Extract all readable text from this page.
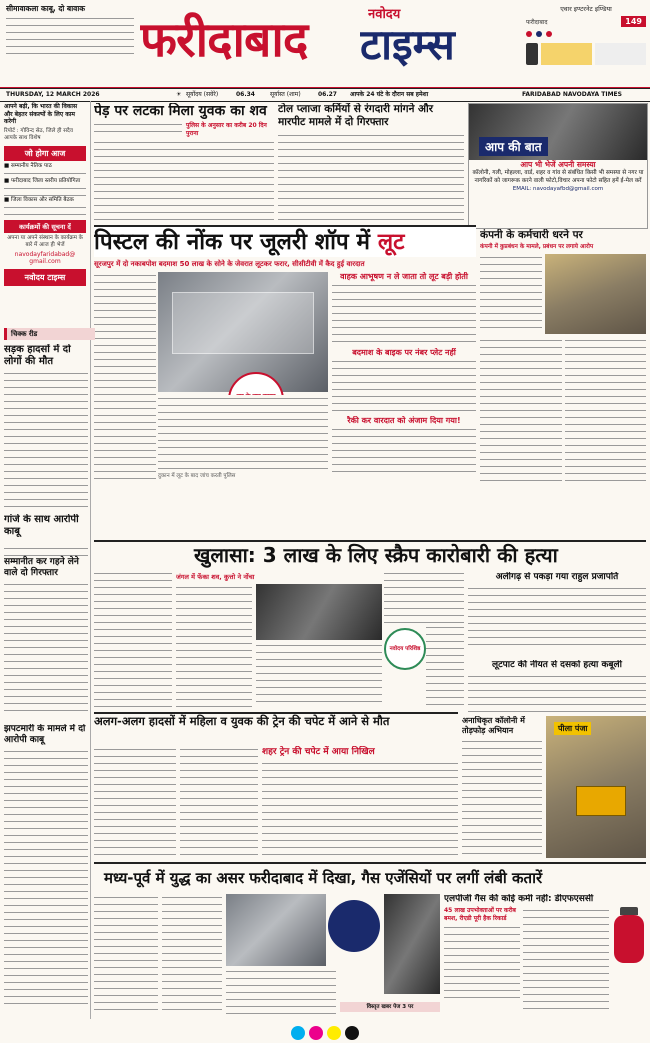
सीमावाकला काबू, दो बावाक
फरीदाबाद	नवोदय
टाइम्स
एवार इण्टरनेट इण्डिया
फरीदाबाद	149
THURSDAY, 12 MARCH 2026	☀ सूर्योदय (सवेरे)	06.34	सूर्यास्त (शाम)	06.27 आपके 24 घंटे के दौरान सब हमेशा	FARIDABAD NAVODAYA TIMES
आपने बढ़ी, कि भारत की विकास और बेहतर संकल्पों के लिए काम करेगी
रिपोर्ट : गोविन्द सेठ, जिले ही सदैव आपके साथ विशेष
जो होगा आज
■ सम्मानीय नैतिक पाठ
■ फरीदाबाद जिला स्तरीय प्रतियोगिता
■ जिला विकास और समिति बैठक
कार्यक्रमों की सूचना दें
अपना या अपने संस्थान के कार्यक्रम के बारे में आज ही भेजें
navodayfaridabad@
gmail.com
नवोदय टाइम्स
पेड़ पर लटका मिला युवक का शव
पुलिस के अनुसार का करीब 20 दिन पुराना
टोल प्लाजा कर्मियों से रंगदारी मांगने और मारपीट मामले में दो गिरफ्तार
आप की बात
आप भी भेजें अपनी समस्या
कॉलोनी, गली, मोहल्ला, वार्ड, शहर व गांव से संबंधित किसी भी समस्या से नगर या नागरिकों को जागरूक करने वाली फोटो,विचार अपना फोटो सहित हमें ई-मेल करें
EMAIL: navodayafbd@gmail.com
पिस्टल की नोंक पर जूलरी शॉप में लूट
सूरजपुर में दो नकाबपोश बदमाश 50 लाख के सोने के जेवरात लूटकर फरार, सीसीटीवी में कैद हुई वारदात
दुकान में लूट के बाद जांच करती पुलिस
वाहक आभूषण न ले जाता तो लूट बड़ी होती
बदमाश के बाइक पर नंबर प्लेट नहीं
रैकी कर वारदात को अंजाम दिया गया!
कंपनी के कर्मचारी धरने पर
कंपनी में कुप्रबंधन के मामले, प्रबंधन पर लगाये आरोप
चिक्क रीड
सड़क हादसों में दो लोगों की मौत
गांजे के साथ आरोपी काबू
सम्मानीत कर गहने लेने वाले दो गिरफ्तार
झपटमारी के मामले में दो आरोपी काबू
खुलासा: 3 लाख के लिए स्क्रैप कारोबारी की हत्या
जंगल में फेंका शव, कुत्तो ने नोंचा
नवोदय परिशिष्ठ
अलीगढ़ से पकड़ा गया राहुल प्रजापति
लूटपाट की नीयत से दसको हत्या कबूली
अलग-अलग हादसों में महिला व युवक की ट्रेन की चपेट में आने से मौत
शहर ट्रेन की चपेट में आया निखिल
अनाधिकृत कॉलोनी में तोड़फोड़ अभियान	पीला पंजा
मध्य-पूर्व में युद्ध का असर फरीदाबाद में दिखा, गैस एजेंसियों पर लगीं लंबी कतारें
विस्तृत खबर पेज 3 पर
एलपीजी गैस की कोई कमी नहीं: डीएफएससी
45 लाख उपभोक्ताओं पर करीब बमश, रीएडी पूरी हैक रिकार्ड
